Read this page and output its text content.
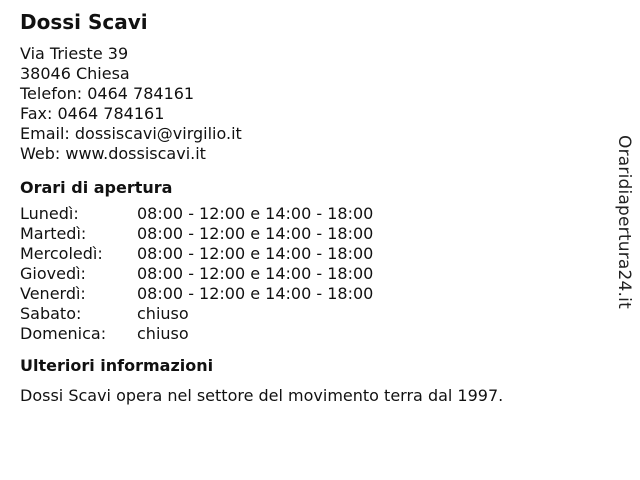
Dossi Scavi
Via Trieste 39
38046 Chiesa
Telefon: 0464 784161
Fax: 0464 784161
Email: dossiscavi@virgilio.it
Web: www.dossiscavi.it
Orari di apertura
Lunedì:	08:00 - 12:00 e 14:00 - 18:00
Martedì:	08:00 - 12:00 e 14:00 - 18:00
Mercoledì:	08:00 - 12:00 e 14:00 - 18:00
Giovedì:	08:00 - 12:00 e 14:00 - 18:00
Venerdì:	08:00 - 12:00 e 14:00 - 18:00
Sabato:	chiuso
Domenica:	chiuso
Ulteriori informazioni
Dossi Scavi opera nel settore del movimento terra dal 1997.
Oraridiapertura24.it
